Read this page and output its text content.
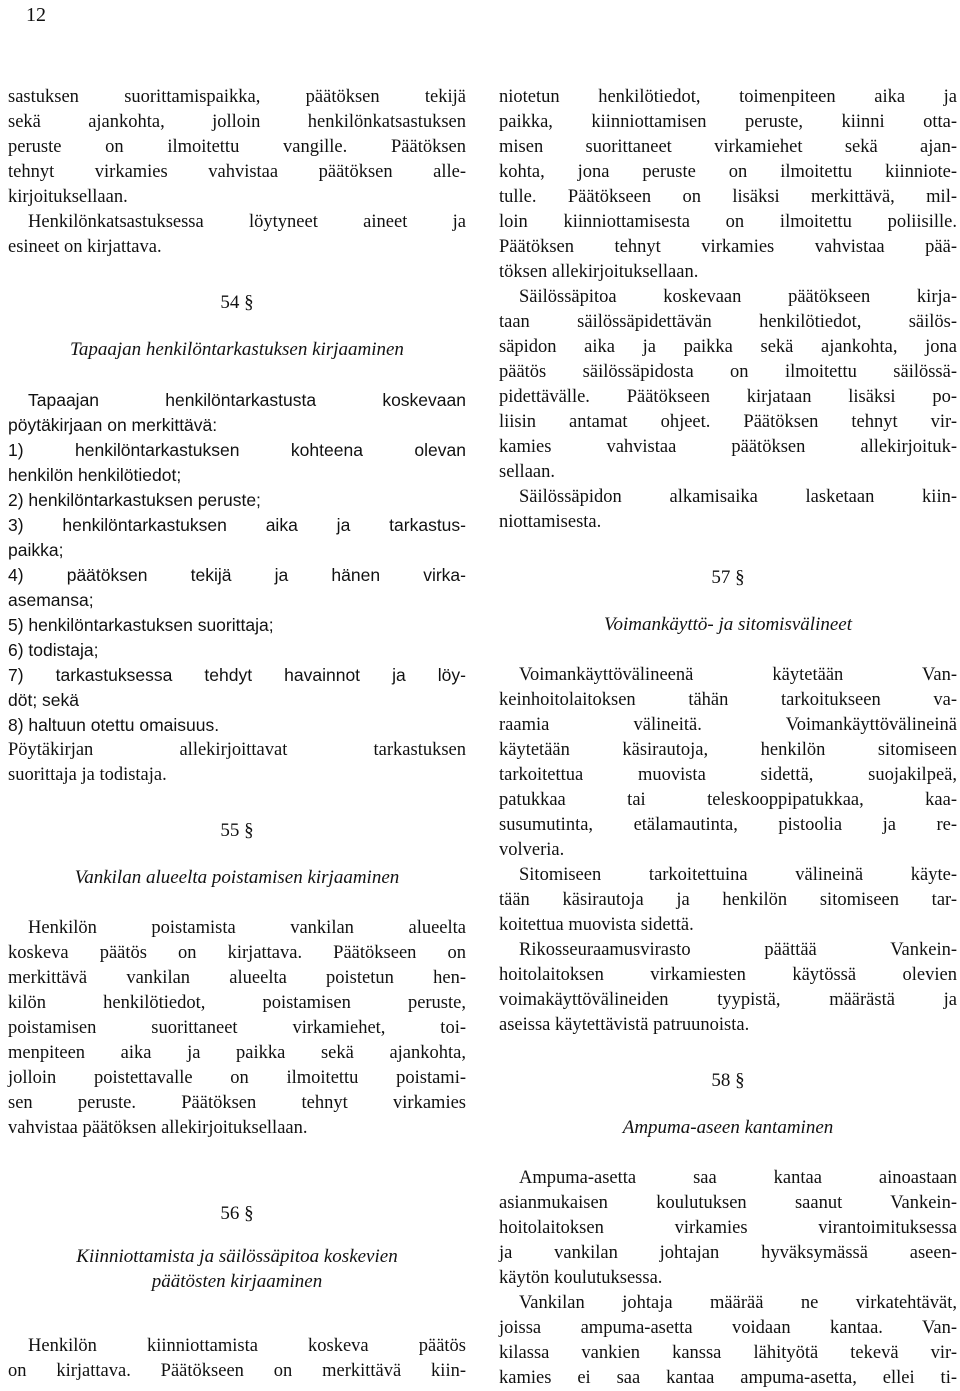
12
sastuksen suorittamispaikka, päätöksen tekijä
sekä ajankohta, jolloin henkilönkatsastuksen
peruste on ilmoitettu vangille. Päätöksen
tehnyt virkamies vahvistaa päätöksen alle-
kirjoituksellaan.
Henkilönkatsastuksessa löytyneet aineet ja
esineet on kirjattava.
54 §
Tapaajan henkilöntarkastuksen kirjaaminen
Tapaajan henkilöntarkastusta koskevaan
pöytäkirjaan on merkittävä:
1) henkilöntarkastuksen kohteena olevan
henkilön henkilötiedot;
2) henkilöntarkastuksen peruste;
3) henkilöntarkastuksen aika ja tarkastus-
paikka;
4) päätöksen tekijä ja hänen virka-
asemansa;
5) henkilöntarkastuksen suorittaja;
6) todistaja;
7) tarkastuksessa tehdyt havainnot ja löy-
döt; sekä
8) haltuun otettu omaisuus.
Pöytäkirjan allekirjoittavat tarkastuksen
suorittaja ja todistaja.
55 §
Vankilan alueelta poistamisen kirjaaminen
Henkilön poistamista vankilan alueelta
koskeva päätös on kirjattava. Päätökseen on
merkittävä vankilan alueelta poistetun hen-
kilön henkilötiedot, poistamisen peruste,
poistamisen suorittaneet virkamiehet, toi-
menpiteen aika ja paikka sekä ajankohta,
jolloin poistettavalle on ilmoitettu poistami-
sen peruste. Päätöksen tehnyt virkamies
vahvistaa päätöksen allekirjoituksellaan.
56 §
Kiinniottamista ja säilössäpitoa koskevien
päätösten kirjaaminen
Henkilön kiinniottamista koskeva päätös
on kirjattava. Päätökseen on merkittävä kiin-
niotetun henkilötiedot, toimenpiteen aika ja
paikka, kiinniottamisen peruste, kiinni otta-
misen suorittaneet virkamiehet sekä ajan-
kohta, jona peruste on ilmoitettu kiinniote-
tulle. Päätökseen on lisäksi merkittävä, mil-
loin kiinniottamisesta on ilmoitettu poliisille.
Päätöksen tehnyt virkamies vahvistaa pää-
töksen allekirjoituksellaan.
Säilössäpitoa koskevaan päätökseen kirja-
taan säilössäpidettävän henkilötiedot, säilös-
säpidon aika ja paikka sekä ajankohta, jona
päätös säilössäpidosta on ilmoitettu säilössä-
pidettävälle. Päätökseen kirjataan lisäksi po-
liisin antamat ohjeet. Päätöksen tehnyt vir-
kamies vahvistaa päätöksen allekirjoituk-
sellaan.
Säilössäpidon alkamisaika lasketaan kiin-
niottamisesta.
57 §
Voimankäyttö- ja sitomisvälineet
Voimankäyttövälineenä käytetään Van-
keinhoitolaitoksen tähän tarkoitukseen va-
raamia välineitä. Voimankäyttövälineinä
käytetään käsirautoja, henkilön sitomiseen
tarkoitettua muovista sidettä, suojakilpeä,
patukkaa tai teleskooppipatukkaa, kaa-
susumutinta, etälamautinta, pistoolia ja re-
volveria.
Sitomiseen tarkoitettuina välineinä käyte-
tään käsirautoja ja henkilön sitomiseen tar-
koitettua muovista sidettä.
Rikosseuraamusvirasto päättää Vankein-
hoitolaitoksen virkamiesten käytössä olevien
voimakäyttövälineiden tyypistä, määrästä ja
aseissa käytettävistä patruunoista.
58 §
Ampuma-aseen kantaminen
Ampuma-asetta saa kantaa ainoastaan
asianmukaisen koulutuksen saanut Vankein-
hoitolaitoksen virkamies virantoimituksessa
ja vankilan johtajan hyväksymässä aseen-
käytön koulutuksessa.
Vankilan johtaja määrää ne virkatehtävät,
joissa ampuma-asetta voidaan kantaa. Van-
kilassa vankien kanssa lähityötä tekevä vir-
kamies ei saa kantaa ampuma-asetta, ellei ti-
